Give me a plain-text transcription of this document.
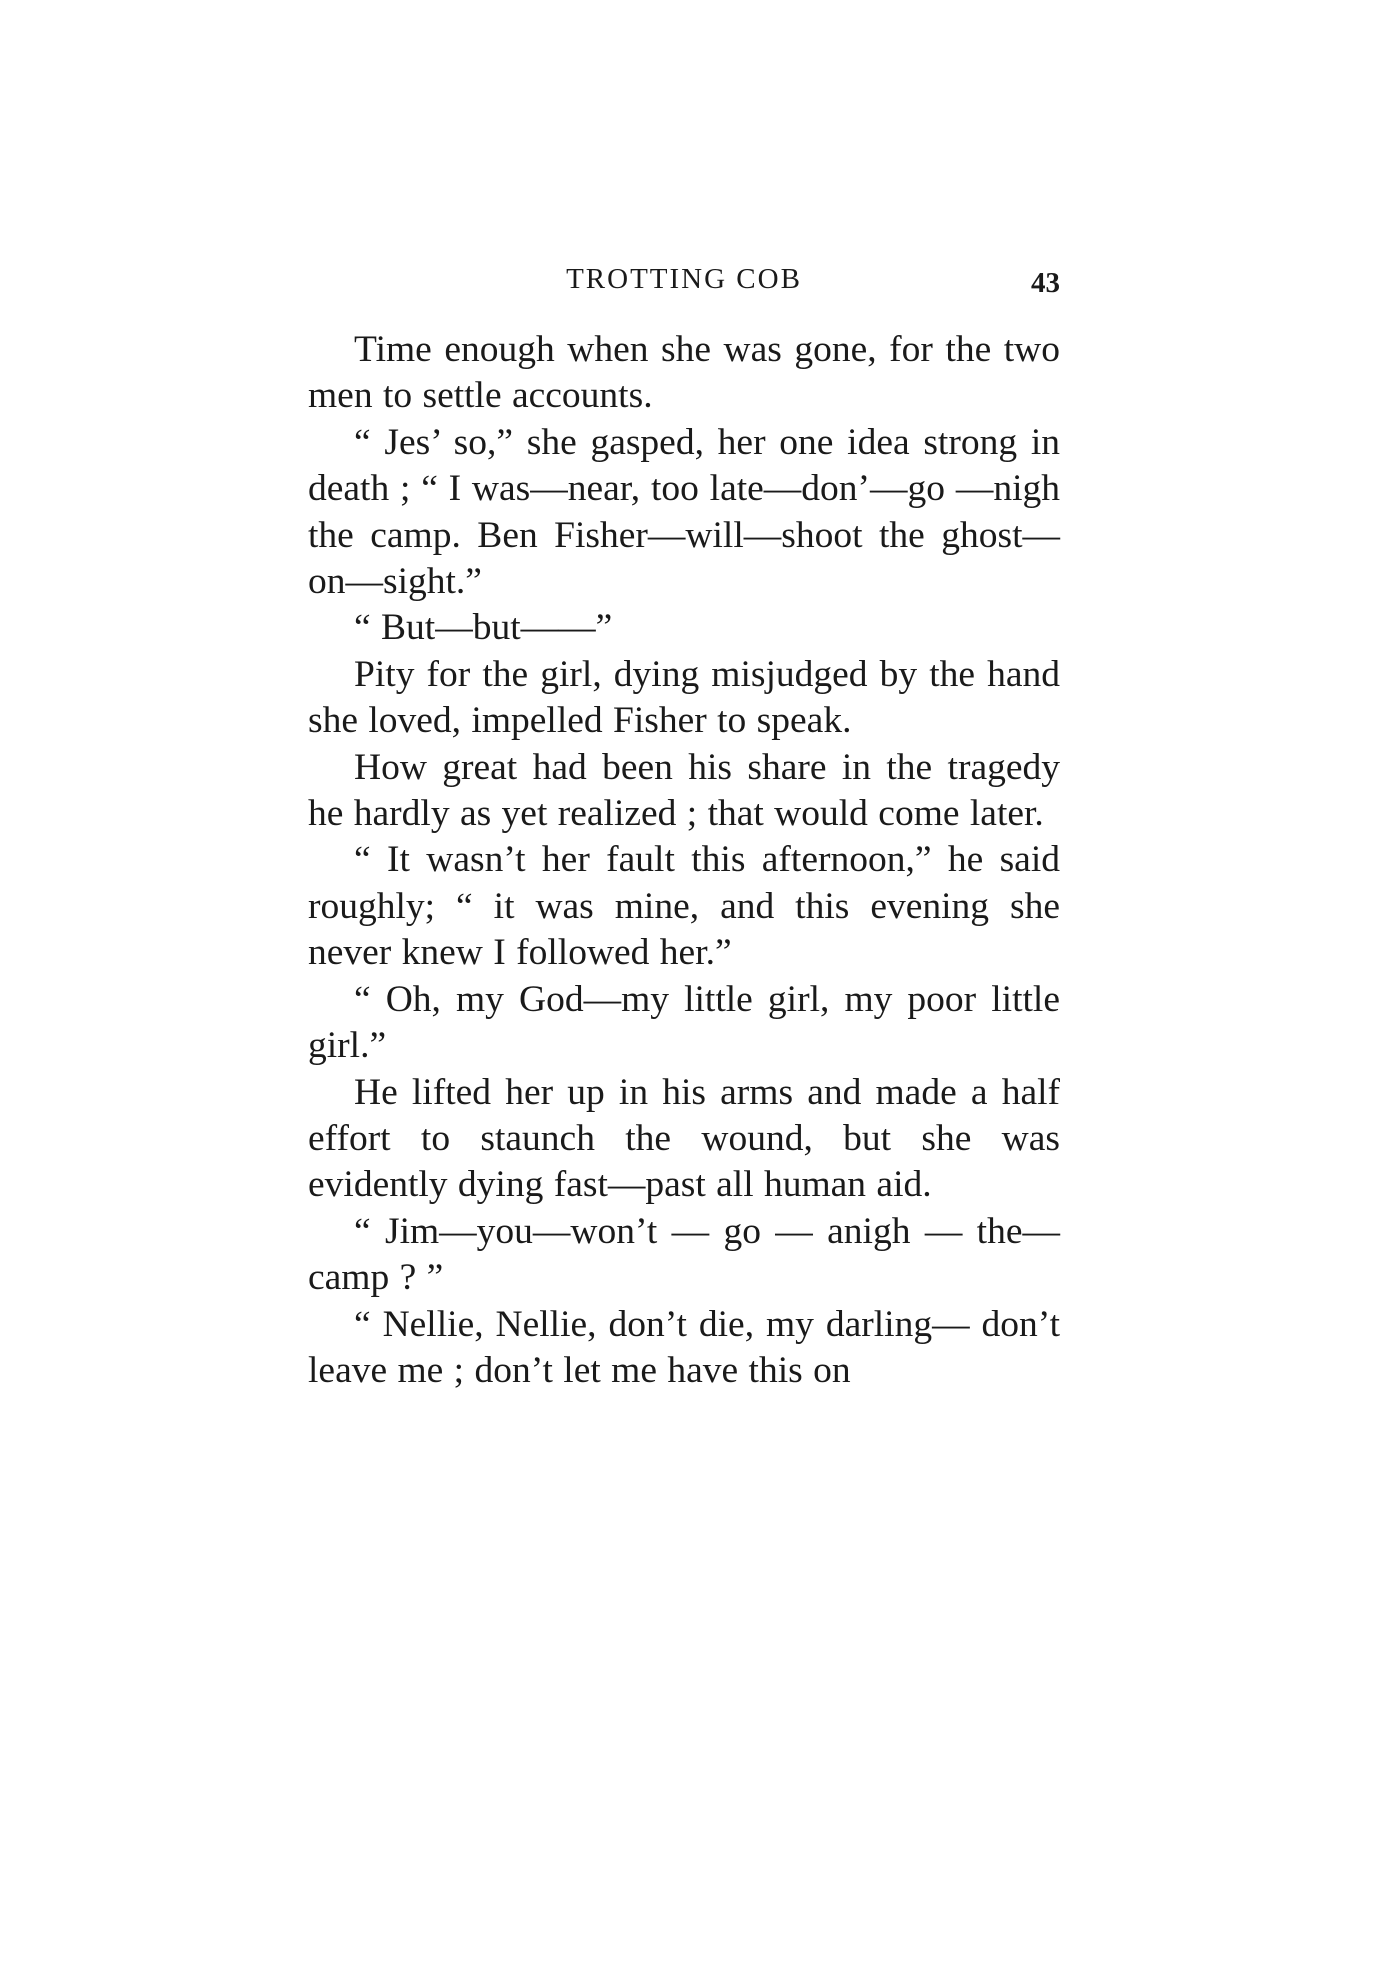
TROTTING COB	43

Time enough when she was gone, for the two men to settle accounts.

“ Jes’ so,” she gasped, her one idea strong in death ; “ I was—near, too late—don’—go —nigh the camp. Ben Fisher—will—shoot the ghost—on—sight.”

“ But—but——”

Pity for the girl, dying misjudged by the hand she loved, impelled Fisher to speak.

How great had been his share in the tragedy he hardly as yet realized ; that would come later.

“ It wasn’t her fault this afternoon,” he said roughly; “ it was mine, and this evening she never knew I followed her.”

“ Oh, my God—my little girl, my poor little girl.”

He lifted her up in his arms and made a half effort to staunch the wound, but she was evidently dying fast—past all human aid.

“ Jim—you—won’t — go — anigh — the— camp ? ”

“ Nellie, Nellie, don’t die, my darling— don’t leave me ; don’t let me have this on
